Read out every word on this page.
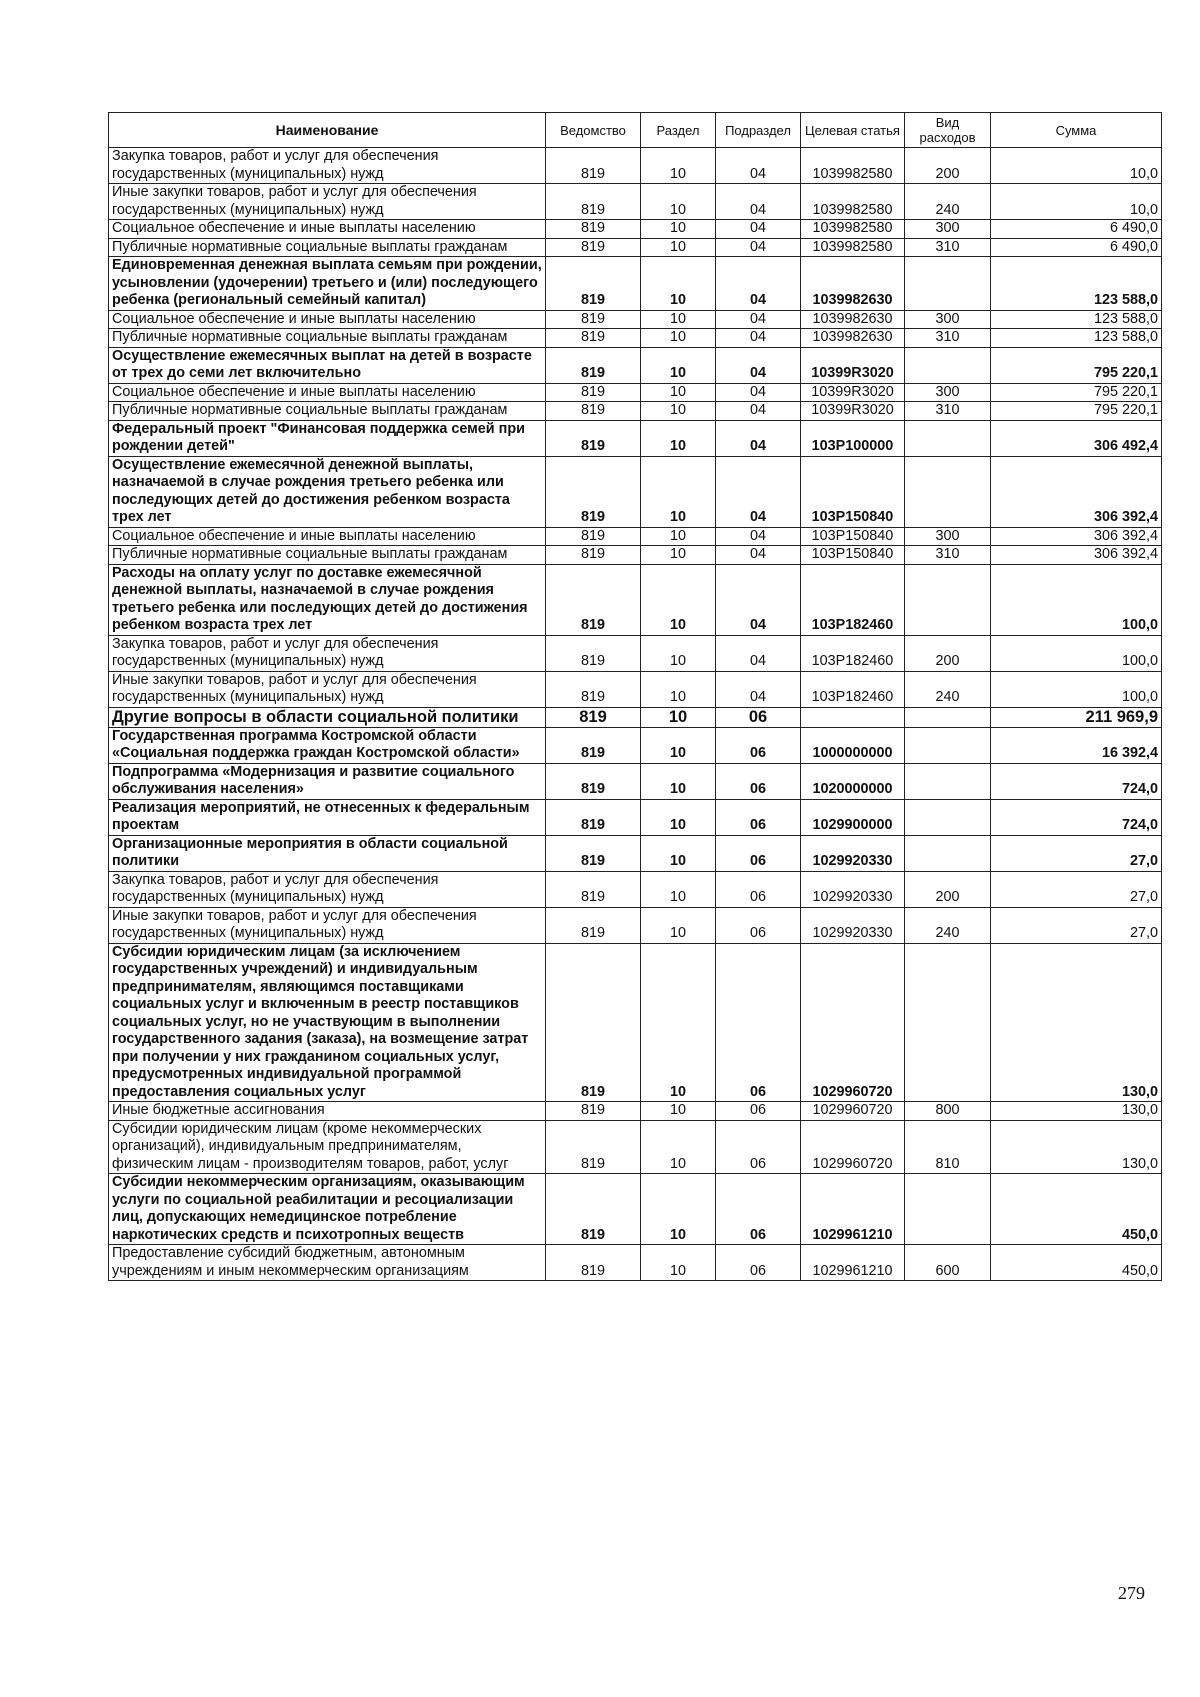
Наименование	Ведомство	Раздел	Подраздел	Целевая статья	Вид расходов	Сумма
Закупка товаров, работ и услуг для обеспечения государственных (муниципальных) нужд	819	10	04	1039982580	200	10,0
Иные закупки товаров, работ и услуг для обеспечения государственных (муниципальных) нужд	819	10	04	1039982580	240	10,0
Социальное обеспечение и иные выплаты населению	819	10	04	1039982580	300	6 490,0
Публичные нормативные социальные выплаты гражданам	819	10	04	1039982580	310	6 490,0
Единовременная денежная выплата семьям при рождении, усыновлении (удочерении) третьего и (или) последующего ребенка (региональный семейный капитал)	819	10	04	1039982630		123 588,0
Социальное обеспечение и иные выплаты населению	819	10	04	1039982630	300	123 588,0
Публичные нормативные социальные выплаты гражданам	819	10	04	1039982630	310	123 588,0
Осуществление ежемесячных выплат на детей в возрасте от трех до семи лет включительно	819	10	04	10399R3020		795 220,1
Социальное обеспечение и иные выплаты населению	819	10	04	10399R3020	300	795 220,1
Публичные нормативные социальные выплаты гражданам	819	10	04	10399R3020	310	795 220,1
Федеральный проект "Финансовая поддержка семей при рождении детей"	819	10	04	103P100000		306 492,4
Осуществление ежемесячной денежной выплаты, назначаемой в случае рождения третьего ребенка или последующих детей до достижения ребенком возраста трех лет	819	10	04	103P150840		306 392,4
Социальное обеспечение и иные выплаты населению	819	10	04	103P150840	300	306 392,4
Публичные нормативные социальные выплаты гражданам	819	10	04	103P150840	310	306 392,4
Расходы на оплату услуг по доставке ежемесячной денежной выплаты, назначаемой в случае рождения третьего ребенка или последующих детей до достижения ребенком возраста трех лет	819	10	04	103P182460		100,0
Закупка товаров, работ и услуг для обеспечения государственных (муниципальных) нужд	819	10	04	103P182460	200	100,0
Иные закупки товаров, работ и услуг для обеспечения государственных (муниципальных) нужд	819	10	04	103P182460	240	100,0
Другие вопросы в области социальной политики	819	10	06			211 969,9
Государственная программа Костромской области «Социальная поддержка граждан Костромской области»	819	10	06	1000000000		16 392,4
Подпрограмма «Модернизация и развитие социального обслуживания населения»	819	10	06	1020000000		724,0
Реализация мероприятий, не отнесенных к федеральным проектам	819	10	06	1029900000		724,0
Организационные мероприятия в области социальной политики	819	10	06	1029920330		27,0
Закупка товаров, работ и услуг для обеспечения государственных (муниципальных) нужд	819	10	06	1029920330	200	27,0
Иные закупки товаров, работ и услуг для обеспечения государственных (муниципальных) нужд	819	10	06	1029920330	240	27,0
Субсидии юридическим лицам (за исключением государственных учреждений) и индивидуальным предпринимателям, являющимся поставщиками социальных услуг и включенным в реестр поставщиков социальных услуг, но не участвующим в выполнении государственного задания (заказа), на возмещение затрат при получении у них гражданином социальных услуг, предусмотренных индивидуальной программой предоставления социальных услуг	819	10	06	1029960720		130,0
Иные бюджетные ассигнования	819	10	06	1029960720	800	130,0
Субсидии юридическим лицам (кроме некоммерческих организаций), индивидуальным предпринимателям, физическим лицам - производителям товаров, работ, услуг	819	10	06	1029960720	810	130,0
Субсидии некоммерческим организациям, оказывающим услуги по социальной реабилитации и ресоциализации лиц, допускающих немедицинское потребление наркотических средств и психотропных веществ	819	10	06	1029961210		450,0
Предоставление субсидий бюджетным, автономным учреждениям и иным некоммерческим организациям	819	10	06	1029961210	600	450,0
279
